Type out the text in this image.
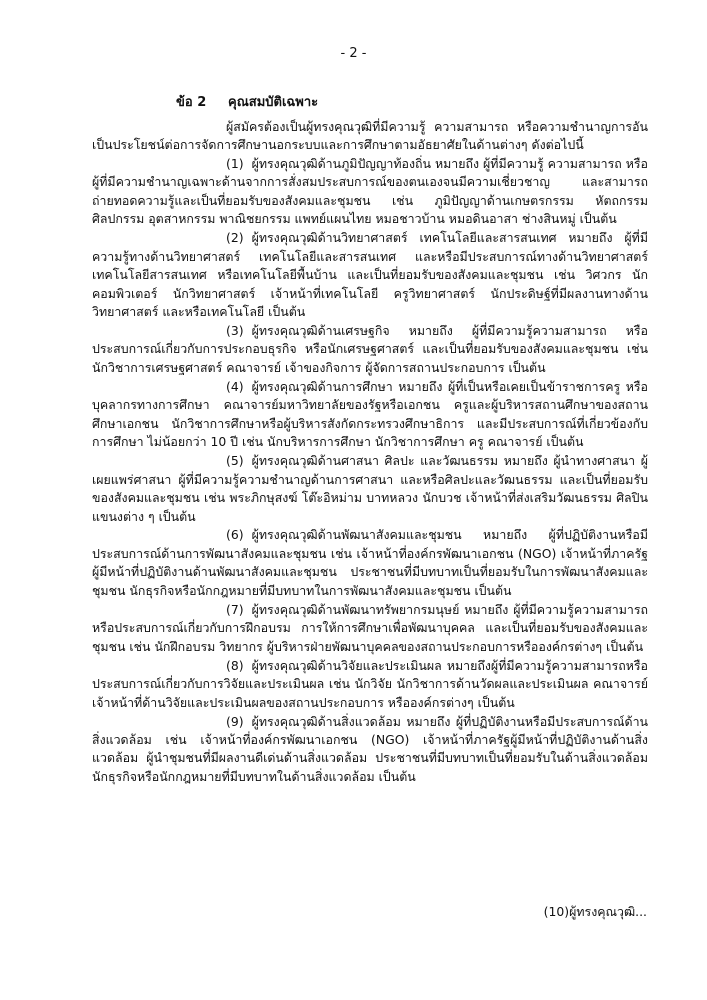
- 2 -
ข้อ 2 คุณสมบัติเฉพาะ

ผู้สมัครต้องเป็นผู้ทรงคุณวุฒิที่มีความรู้ ความสามารถ หรือความชำนาญการอันเป็นประโยชน์ต่อการจัดการศึกษานอกระบบและการศึกษาตามอัธยาศัยในด้านต่างๆ ดังต่อไปนี้

(1) ผู้ทรงคุณวุฒิด้านภูมิปัญญาท้องถิ่น หมายถึง ผู้ที่มีความรู้ ความสามารถ หรือ ผู้ที่มีความชำนาญเฉพาะด้านจากการสั่งสมประสบการณ์ของตนเองจนมีความเชี่ยวชาญ และสามารถถ่ายทอดความรู้และเป็นที่ยอมรับของสังคมและชุมชน เช่น ภูมิปัญญาด้านเกษตรกรรม หัตถกรรม ศิลปกรรม อุตสาหกรรม พาณิชยกรรม แพทย์แผนไทย หมอชาวบ้าน หมอดินอาสา ช่างสินหมู่ เป็นต้น

(2) ผู้ทรงคุณวุฒิด้านวิทยาศาสตร์ เทคโนโลยีและสารสนเทศ หมายถึง ผู้ที่มีความรู้ทางด้านวิทยาศาสตร์ เทคโนโลยีและสารสนเทศ และหรือมีประสบการณ์ทางด้านวิทยาศาสตร์ เทคโนโลยีสารสนเทศ หรือเทคโนโลยีพื้นบ้าน และเป็นที่ยอมรับของสังคมและชุมชน เช่น วิศวกร นักคอมพิวเตอร์ นักวิทยาศาสตร์ เจ้าหน้าที่เทคโนโลยี ครูวิทยาศาสตร์ นักประดิษฐ์ที่มีผลงานทางด้านวิทยาศาสตร์ และหรือเทคโนโลยี เป็นต้น

(3) ผู้ทรงคุณวุฒิด้านเศรษฐกิจ หมายถึง ผู้ที่มีความรู้ความสามารถ หรือประสบการณ์เกี่ยวกับการประกอบธุรกิจ หรือนักเศรษฐศาสตร์ และเป็นที่ยอมรับของสังคมและชุมชน เช่น นักวิชาการเศรษฐศาสตร์ คณาจารย์ เจ้าของกิจการ ผู้จัดการสถานประกอบการ เป็นต้น

(4) ผู้ทรงคุณวุฒิด้านการศึกษา หมายถึง ผู้ที่เป็นหรือเคยเป็นข้าราชการครู หรือบุคลากรทางการศึกษา คณาจารย์มหาวิทยาลัยของรัฐหรือเอกชน ครูและผู้บริหารสถานศึกษาของสถานศึกษาเอกชน นักวิชาการศึกษาหรือผู้บริหารสังกัดกระทรวงศึกษาธิการ และมีประสบการณ์ที่เกี่ยวข้องกับการศึกษา ไม่น้อยกว่า 10 ปี เช่น นักบริหารการศึกษา นักวิชาการศึกษา ครู คณาจารย์ เป็นต้น

(5) ผู้ทรงคุณวุฒิด้านศาสนา ศิลปะ และวัฒนธรรม หมายถึง ผู้นำทางศาสนา ผู้เผยแพร่ศาสนา ผู้ที่มีความรู้ความชำนาญด้านการศาสนา และหรือศิลปะและวัฒนธรรม และเป็นที่ยอมรับของสังคมและชุมชน เช่น พระภิกษุสงฆ์ โต๊ะอิหม่าม บาทหลวง นักบวช เจ้าหน้าที่ส่งเสริมวัฒนธรรม ศิลปินแขนงต่าง ๆ เป็นต้น

(6) ผู้ทรงคุณวุฒิด้านพัฒนาสังคมและชุมชน หมายถึง ผู้ที่ปฏิบัติงานหรือมีประสบการณ์ด้านการพัฒนาสังคมและชุมชน เช่น เจ้าหน้าที่องค์กรพัฒนาเอกชน (NGO) เจ้าหน้าที่ภาครัฐผู้มีหน้าที่ปฏิบัติงานด้านพัฒนาสังคมและชุมชน ประชาชนที่มีบทบาทเป็นที่ยอมรับในการพัฒนาสังคมและชุมชน นักธุรกิจหรือนักกฎหมายที่มีบทบาทในการพัฒนาสังคมและชุมชน เป็นต้น

(7) ผู้ทรงคุณวุฒิด้านพัฒนาทรัพยากรมนุษย์ หมายถึง ผู้ที่มีความรู้ความสามารถหรือประสบการณ์เกี่ยวกับการฝึกอบรม การให้การศึกษาเพื่อพัฒนาบุคคล และเป็นที่ยอมรับของสังคมและชุมชน เช่น นักฝึกอบรม วิทยากร ผู้บริหารฝ่ายพัฒนาบุคคลของสถานประกอบการหรือองค์กรต่างๆ เป็นต้น

(8) ผู้ทรงคุณวุฒิด้านวิจัยและประเมินผล หมายถึงผู้ที่มีความรู้ความสามารถหรือประสบการณ์เกี่ยวกับการวิจัยและประเมินผล เช่น นักวิจัย นักวิชาการด้านวัดผลและประเมินผล คณาจารย์ เจ้าหน้าที่ด้านวิจัยและประเมินผลของสถานประกอบการ หรือองค์กรต่างๆ เป็นต้น

(9) ผู้ทรงคุณวุฒิด้านสิ่งแวดล้อม หมายถึง ผู้ที่ปฏิบัติงานหรือมีประสบการณ์ด้านสิ่งแวดล้อม เช่น เจ้าหน้าที่องค์กรพัฒนาเอกชน (NGO) เจ้าหน้าที่ภาครัฐผู้มีหน้าที่ปฏิบัติงานด้านสิ่งแวดล้อม ผู้นำชุมชนที่มีผลงานดีเด่นด้านสิ่งแวดล้อม ประชาชนที่มีบทบาทเป็นที่ยอมรับในด้านสิ่งแวดล้อม นักธุรกิจหรือนักกฎหมายที่มีบทบาทในด้านสิ่งแวดล้อม เป็นต้น

(10)ผู้ทรงคุณวุฒิ...
